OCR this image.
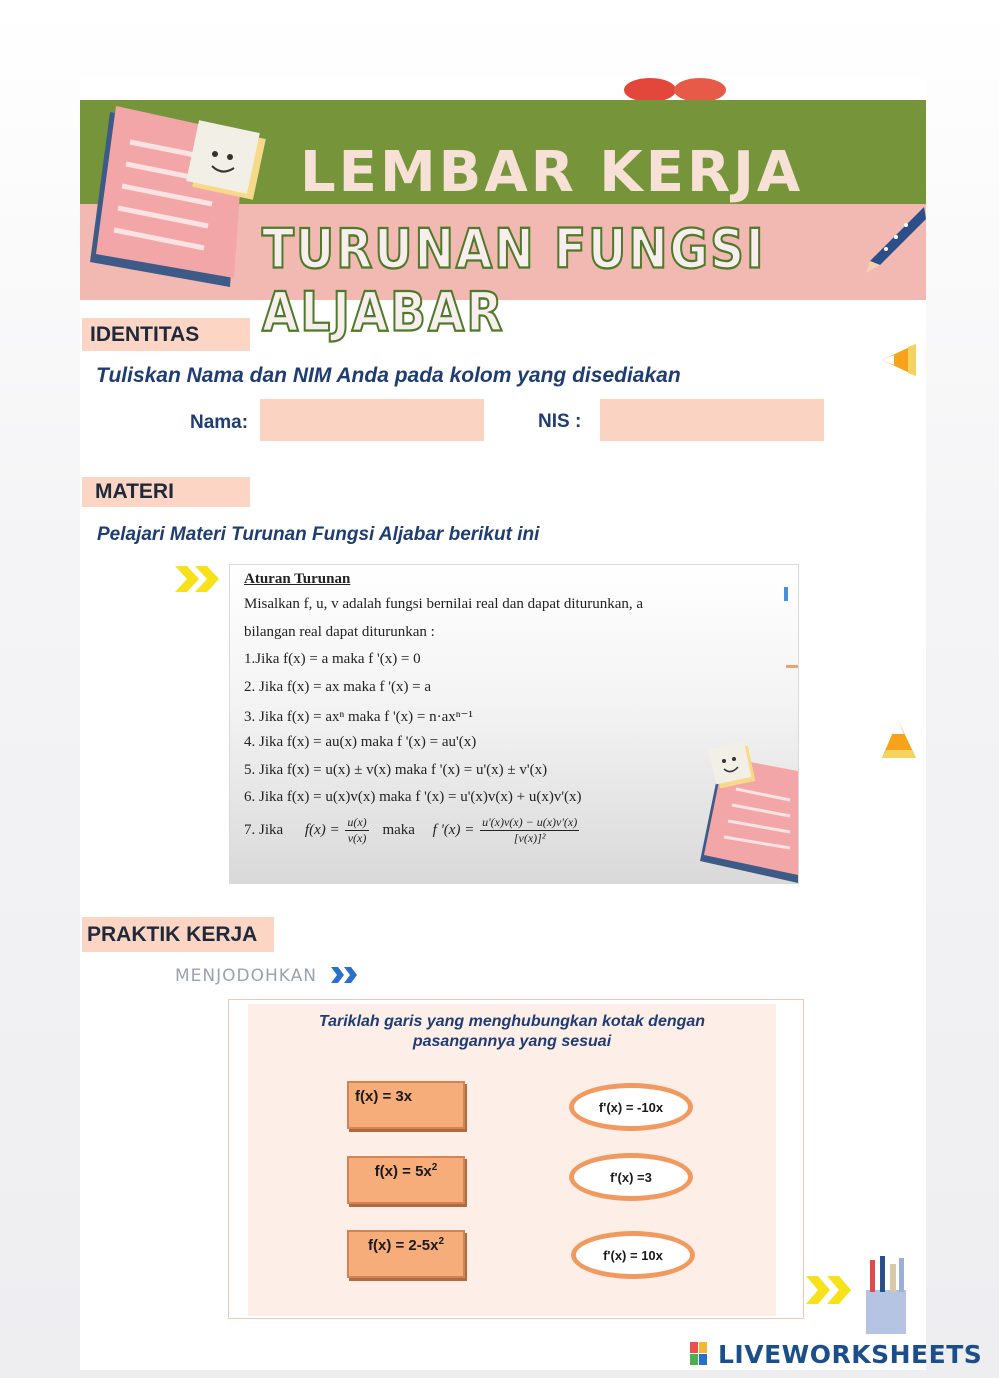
LEMBAR KERJA
TURUNAN FUNGSI ALJABAR
IDENTITAS
Tuliskan Nama dan NIM Anda pada kolom yang disediakan
Nama:	NIS :
MATERI
Pelajari Materi Turunan Fungsi Aljabar berikut ini
Aturan Turunan
Misalkan f, u, v adalah fungsi bernilai real dan dapat diturunkan, a
bilangan real dapat diturunkan :
1.Jika f(x) = a maka f '(x) = 0
2. Jika f(x) = ax maka f '(x) = a
3. Jika f(x) = axⁿ maka f '(x) = n·axⁿ⁻¹
4. Jika f(x) = au(x) maka f '(x) = au'(x)
5. Jika f(x) = u(x) ± v(x) maka f '(x) = u'(x) ± v'(x)
6. Jika f(x) = u(x)v(x) maka f '(x) = u'(x)v(x) + u(x)v'(x)
7. Jika $f(x) = \frac{u(x)}{v(x)}$ maka f '$(x) = \frac{u'(x)v(x) - u(x)v'(x)}{\text{[v(x)]²}}$
PRAKTIK KERJA
MENJODOHKAN
Tariklah garis yang menghubungkan kotak dengan
pasangannya yang sesuai
f(x) = 3x
$f(x) = 5x^2$
$f(x) = 2-5x^2$
f'(x) = -10x
f'(x) =3
f'(x) = 10x
LIVEWORKSHEETS
